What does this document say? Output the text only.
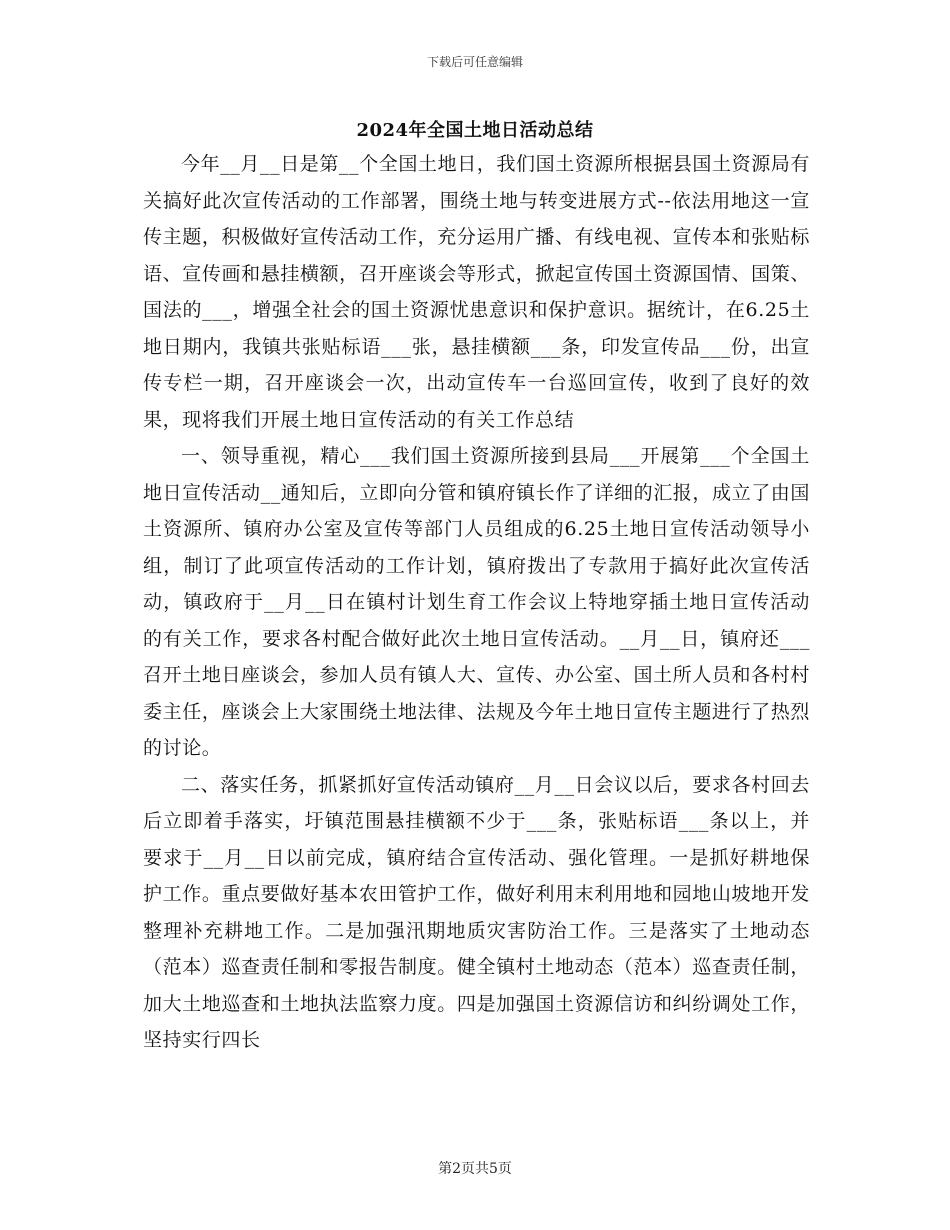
下载后可任意编辑
2024年全国土地日活动总结

今年__月__日是第__个全国土地日，我们国土资源所根据县国土资源局有关搞好此次宣传活动的工作部署，围绕土地与转变进展方式--依法用地这一宣传主题，积极做好宣传活动工作，充分运用广播、有线电视、宣传本和张贴标语、宣传画和悬挂横额，召开座谈会等形式，掀起宣传国土资源国情、国策、国法的___，增强全社会的国土资源忧患意识和保护意识。据统计，在6.25土地日期内，我镇共张贴标语___张，悬挂横额___条，印发宣传品___份，出宣传专栏一期，召开座谈会一次，出动宣传车一台巡回宣传，收到了良好的效果，现将我们开展土地日宣传活动的有关工作总结

一、领导重视，精心___我们国土资源所接到县局___开展第___个全国土地日宣传活动__通知后，立即向分管和镇府镇长作了详细的汇报，成立了由国土资源所、镇府办公室及宣传等部门人员组成的6.25土地日宣传活动领导小组，制订了此项宣传活动的工作计划，镇府拨出了专款用于搞好此次宣传活动，镇政府于__月__日在镇村计划生育工作会议上特地穿插土地日宣传活动的有关工作，要求各村配合做好此次土地日宣传活动。__月__日，镇府还___召开土地日座谈会，参加人员有镇人大、宣传、办公室、国土所人员和各村村委主任，座谈会上大家围绕土地法律、法规及今年土地日宣传主题进行了热烈的讨论。

二、落实任务，抓紧抓好宣传活动镇府__月__日会议以后，要求各村回去后立即着手落实，圩镇范围悬挂横额不少于___条，张贴标语___条以上，并要求于__月__日以前完成，镇府结合宣传活动、强化管理。一是抓好耕地保护工作。重点要做好基本农田管护工作，做好利用末利用地和园地山坡地开发整理补充耕地工作。二是加强汛期地质灾害防治工作。三是落实了土地动态（范本）巡查责任制和零报告制度。健全镇村土地动态（范本）巡查责任制，加大土地巡查和土地执法监察力度。四是加强国土资源信访和纠纷调处工作，坚持实行四长

第2页共5页
